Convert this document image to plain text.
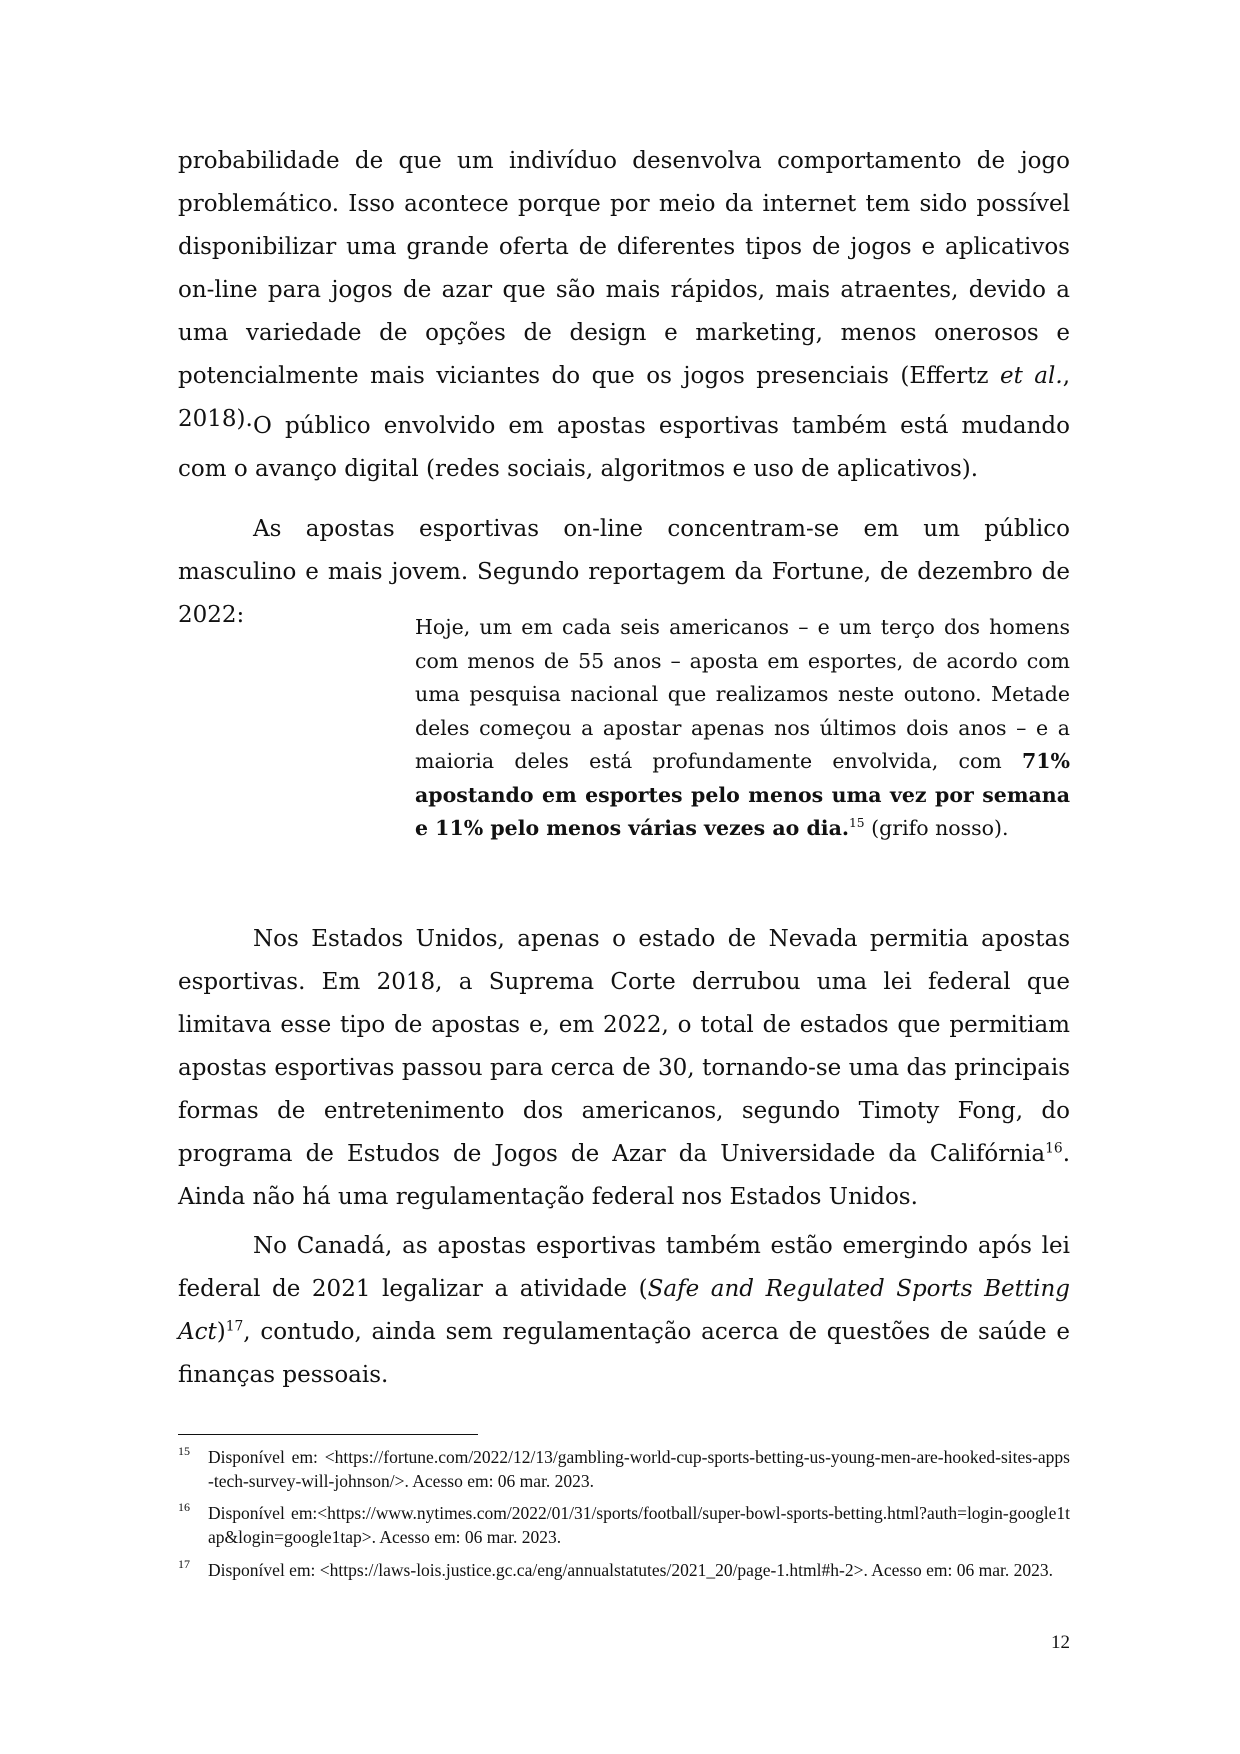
probabilidade de que um indivíduo desenvolva comportamento de jogo problemático. Isso acontece porque por meio da internet tem sido possível disponibilizar uma grande oferta de diferentes tipos de jogos e aplicativos on-line para jogos de azar que são mais rápidos, mais atraentes, devido a uma variedade de opções de design e marketing, menos onerosos e potencialmente mais viciantes do que os jogos presenciais (Effertz et al., 2018). O público envolvido em apostas esportivas também está mudando com o avanço digital (redes sociais, algoritmos e uso de aplicativos).

As apostas esportivas on-line concentram-se em um público masculino e mais jovem. Segundo reportagem da Fortune, de dezembro de 2022:	Hoje, um em cada seis americanos – e um terço dos homens com menos de 55 anos – aposta em esportes, de acordo com uma pesquisa nacional que realizamos neste outono. Metade deles começou a apostar apenas nos últimos dois anos – e a maioria deles está profundamente envolvida, com 71% apostando em esportes pelo menos uma vez por semana e 11% pelo menos várias vezes ao dia.$^{15}$ (grifo nosso).

Nos Estados Unidos, apenas o estado de Nevada permitia apostas esportivas. Em 2018, a Suprema Corte derrubou uma lei federal que limitava esse tipo de apostas e, em 2022, o total de estados que permitiam apostas esportivas passou para cerca de 30, tornando-se uma das principais formas de entretenimento dos americanos, segundo Timoty Fong, do programa de Estudos de Jogos de Azar da Universidade da Califórnia$^{16}$. Ainda não há uma regulamentação federal nos Estados Unidos.

No Canadá, as apostas esportivas também estão emergindo após lei federal de 2021 legalizar a atividade (Safe and Regulated Sports Betting Act)$^{17}$, contudo, ainda sem regulamentação acerca de questões de saúde e finanças pessoais.

15 Disponível em: <https://fortune.com/2022/12/13/gambling-world-cup-sports-betting-us-young-men-are-hooked-sites-apps-tech-survey-will-johnson/>. Acesso em: 06 mar. 2023.

16 Disponível em:<https://www.nytimes.com/2022/01/31/sports/football/super-bowl-sports-betting.html?auth=login-google1tap&login=google1tap>. Acesso em: 06 mar. 2023.

17 Disponível em: <https://laws-lois.justice.gc.ca/eng/annualstatutes/2021_20/page-1.html#h-2>. Acesso em: 06 mar. 2023.

12
